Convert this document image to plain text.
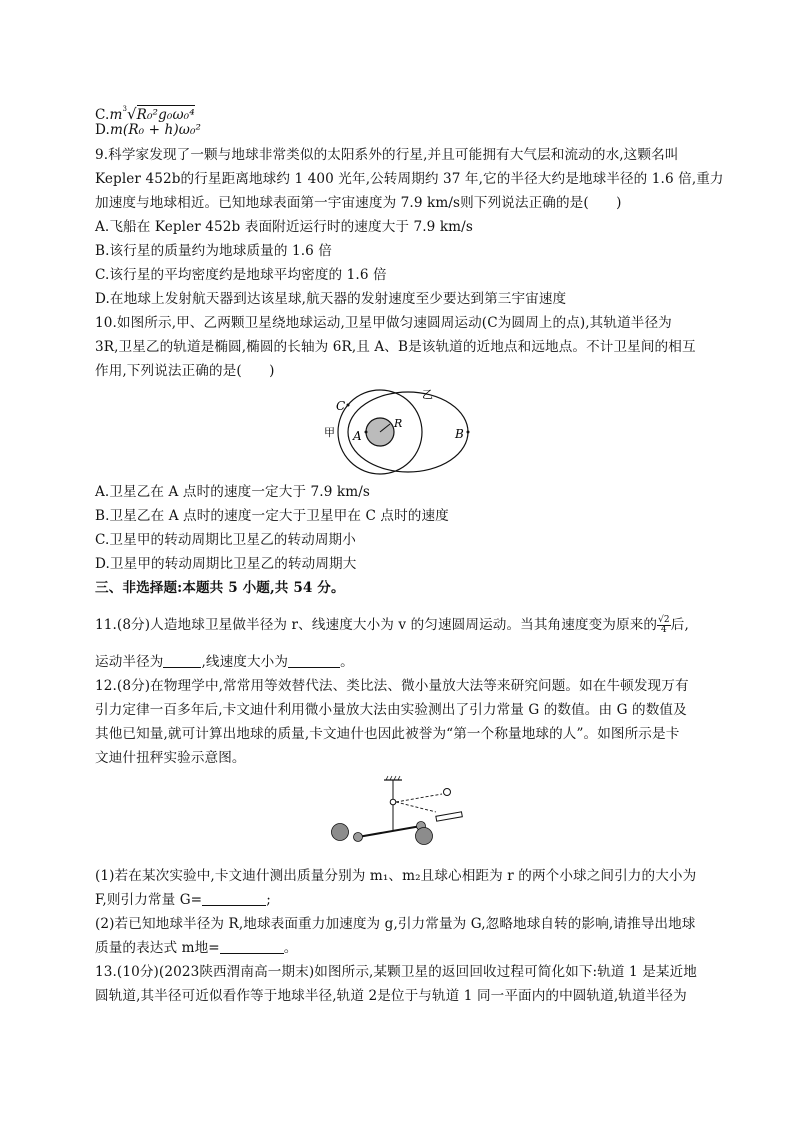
$C.m^3√R_0^2g_0\omega_0^4$
D.m(R₀ + h)ω₀²
9.科学家发现了一颗与地球非常类似的太阳系外的行星,并且可能拥有大气层和流动的水,这颗名叫
Kepler 452b的行星距离地球约 1 400 光年,公转周期约 37 年,它的半径大约是地球半径的 1.6 倍,重力
加速度与地球相近。已知地球表面第一宇宙速度为 7.9 km/s则下列说法正确的是(　　)
A.飞船在 Kepler 452b 表面附近运行时的速度大于 7.9 km/s
B.该行星的质量约为地球质量的 1.6 倍
C.该行星的平均密度约是地球平均密度的 1.6 倍
D.在地球上发射航天器到达该星球,航天器的发射速度至少要达到第三宇宙速度
10.如图所示,甲、乙两颗卫星绕地球运动,卫星甲做匀速圆周运动(C为圆周上的点),其轨道半径为
3R,卫星乙的轨道是椭圆,椭圆的长轴为 6R,且 A、B是该轨道的近地点和远地点。不计卫星间的相互
作用,下列说法正确的是(　　)
C
A	B
R
甲
乙
A.卫星乙在 A 点时的速度一定大于 7.9 km/s
B.卫星乙在 A 点时的速度一定大于卫星甲在 C 点时的速度
C.卫星甲的转动周期比卫星乙的转动周期小
D.卫星甲的转动周期比卫星乙的转动周期大
三、非选择题:本题共 5 小题,共 54 分。
11.(8分)人造地球卫星做半径为 r、线速度大小为 v 的匀速圆周运动。当其角速度变为原来的 $\frac{√2}{4}$ 后,
运动半径为	,线速度大小为	。
12.(8分)在物理学中,常常用等效替代法、类比法、微小量放大法等来研究问题。如在牛顿发现万有
引力定律一百多年后,卡文迪什利用微小量放大法由实验测出了引力常量 G 的数值。由 G 的数值及
其他已知量,就可计算出地球的质量,卡文迪什也因此被誉为“第一个称量地球的人”。如图所示是卡
文迪什扭秤实验示意图。
(1)若在某次实验中,卡文迪什测出质量分别为 m₁、m₂且球心相距为 r 的两个小球之间引力的大小为
F,则引力常量 G=	;
(2)若已知地球半径为 R,地球表面重力加速度为 g,引力常量为 G,忽略地球自转的影响,请推导出地球
质量的表达式 m地=	。
13.(10分)(2023陕西渭南高一期末)如图所示,某颗卫星的返回回收过程可简化如下:轨道 1 是某近地
圆轨道,其半径可近似看作等于地球半径,轨道 2是位于与轨道 1 同一平面内的中圆轨道,轨道半径为
